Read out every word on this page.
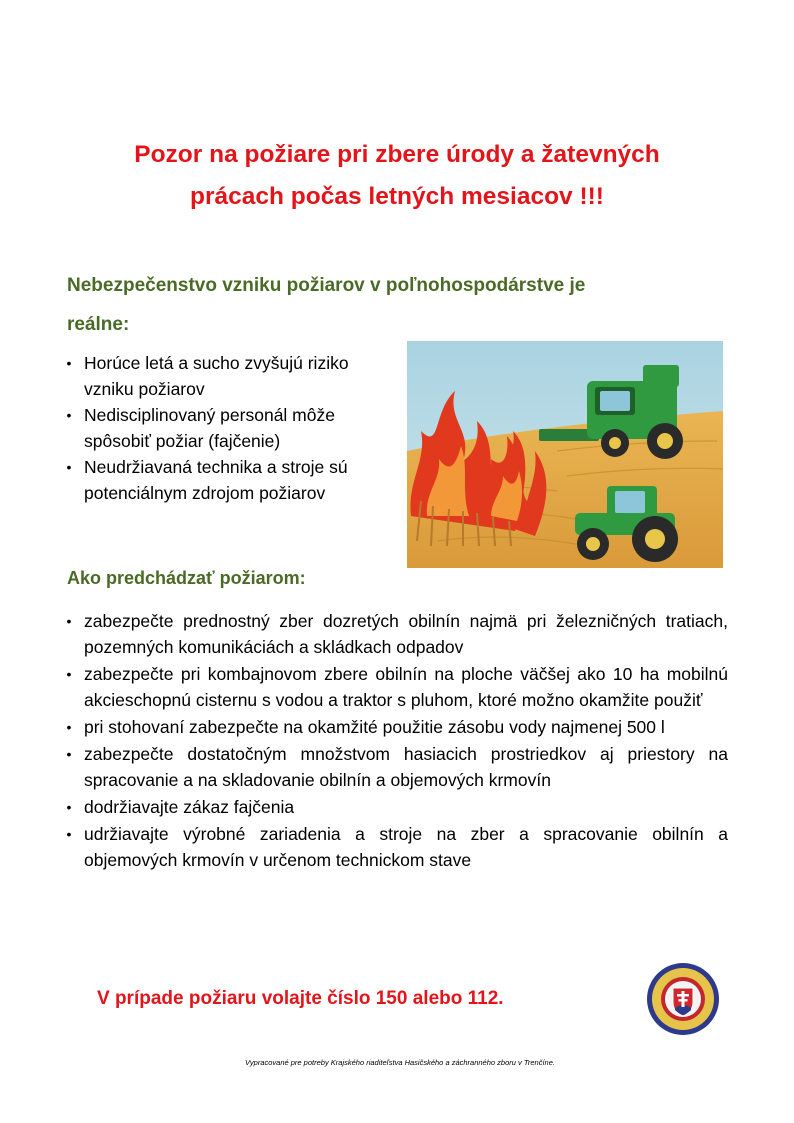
Pozor na požiare pri zbere úrody a žatevných
prácach počas letných mesiacov !!!
Nebezpečenstvo vzniku požiarov v poľnohospodárstve je
reálne:
• Horúce letá a sucho zvyšujú riziko vzniku požiarov
• Nedisciplinovaný personál môže spôsobiť požiar (fajčenie)
• Neudržiavaná technika a stroje sú potenciálnym zdrojom požiarov
Ako predchádzať požiarom:
• zabezpečte prednostný zber dozretých obilnín najmä pri železničných tratiach, pozemných komunikáciách a skládkach odpadov
• zabezpečte pri kombajnovom zbere obilnín na ploche väčšej ako 10 ha mobilnú akcieschopnú cisternu s vodou a traktor s pluhom, ktoré možno okamžite použiť
• pri stohovaní zabezpečte na okamžité použitie zásobu vody najmenej 500 l
• zabezpečte dostatočným množstvom hasiacich prostriedkov aj priestory na spracovanie a na skladovanie obilnín a objemových krmovín
• dodržiavajte zákaz fajčenia
• udržiavajte výrobné zariadenia a stroje na zber a spracovanie obilnín a objemových krmovín v určenom technickom stave

V prípade požiaru volajte číslo 150 alebo 112.

Vypracované pre potreby Krajského riaditeľstva Hasičského a záchranného zboru v Trenčíne.
